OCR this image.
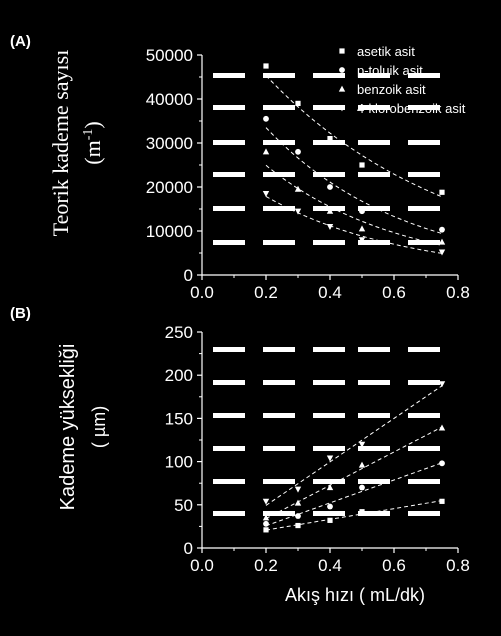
(A)
Teorik kademe sayısı $(m^{-1})$
0.0 0.2 0.4 0.6 0.8
0
10000
20000
30000
40000
50000	asetik asit
p-toluik asit
benzoik asit
4-klorobenzoik asit
(B)
Kademe yüksekliği ( µm)
0.0 0.2 0.4 0.6 0.8
0
50
100
150
200
250
Akış hızı ( mL/dk)
